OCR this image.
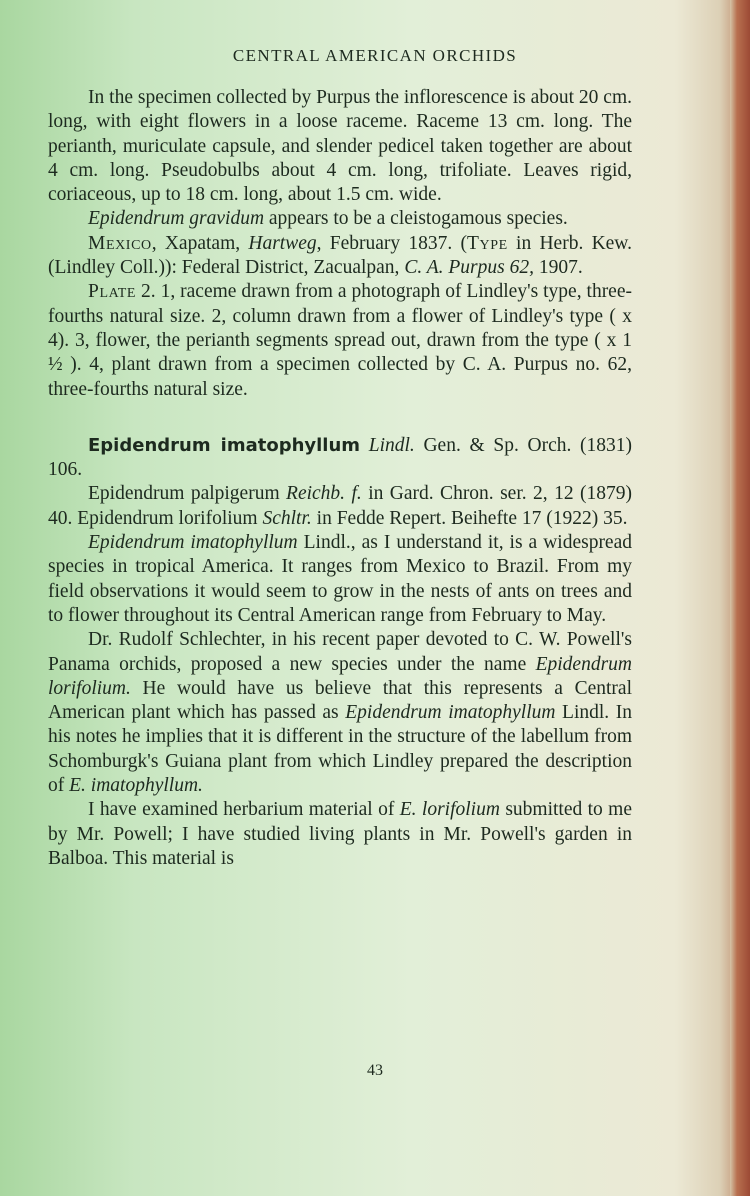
CENTRAL AMERICAN ORCHIDS

In the specimen collected by Purpus the inflorescence is about 20 cm. long, with eight flowers in a loose raceme. Raceme 13 cm. long. The perianth, muriculate capsule, and slender pedicel taken together are about 4 cm. long. Pseudobulbs about 4 cm. long, trifoliate. Leaves rigid, coriaceous, up to 18 cm. long, about 1.5 cm. wide.

Epidendrum gravidum appears to be a cleistogamous species.

Mexico, Xapatam, Hartweg, February 1837. (Type in Herb. Kew.(Lindley Coll.)): Federal District, Zacualpan, C. A. Purpus 62, 1907.

Plate 2. 1, raceme drawn from a photograph of Lindley's type, three-fourths natural size. 2, column drawn from a flower of Lindley's type ( x 4). 3, flower, the perianth segments spread out, drawn from the type ( x 1 ½ ). 4, plant drawn from a specimen collected by C. A. Purpus no. 62, three-fourths natural size.

Epidendrum imatophyllum Lindl. Gen. & Sp. Orch. (1831) 106.

Epidendrum palpigerum Reichb. f. in Gard. Chron. ser. 2, 12 (1879) 40. Epidendrum lorifolium Schltr. in Fedde Repert. Beihefte 17 (1922) 35.

Epidendrum imatophyllum Lindl., as I understand it, is a widespread species in tropical America. It ranges from Mexico to Brazil. From my field observations it would seem to grow in the nests of ants on trees and to flower throughout its Central American range from February to May.

Dr. Rudolf Schlechter, in his recent paper devoted to C. W. Powell's Panama orchids, proposed a new species under the name Epidendrum lorifolium. He would have us believe that this represents a Central American plant which has passed as Epidendrum imatophyllum Lindl. In his notes he implies that it is different in the structure of the labellum from Schomburgk's Guiana plant from which Lindley prepared the description of E. imatophyllum.

I have examined herbarium material of E. lorifolium submitted to me by Mr. Powell; I have studied living plants in Mr. Powell's garden in Balboa. This material is

43
